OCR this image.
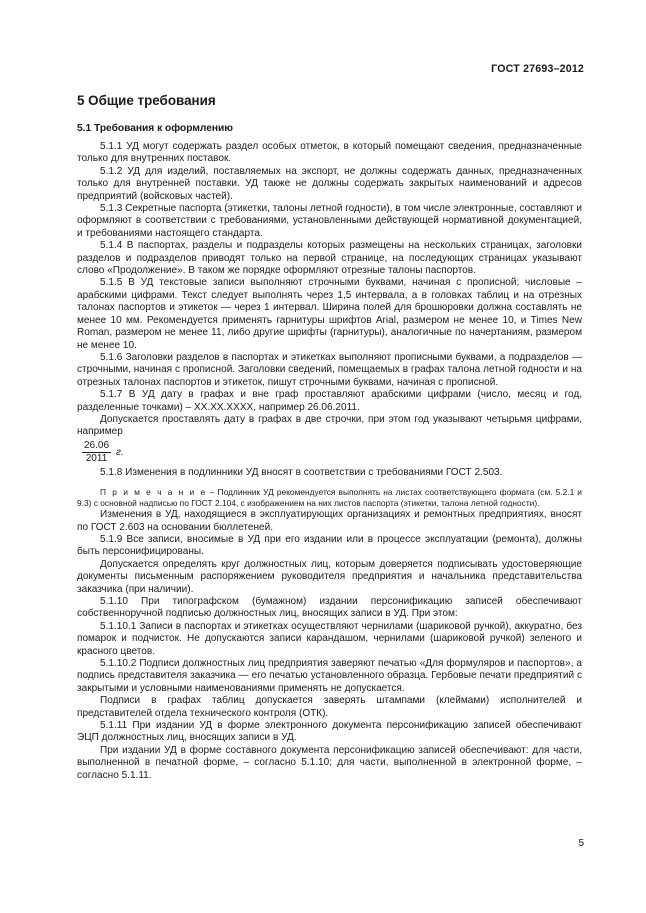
ГОСТ 27693–2012
5 Общие требования
5.1 Требования к оформлению

5.1.1 УД могут содержать раздел особых отметок, в который помещают сведения, предназначенные только для внутренних поставок.

5.1.2 УД для изделий, поставляемых на экспорт, не должны содержать данных, предназначенных только для внутренней поставки. УД также не должны содержать закрытых наименований и адресов предприятий (войсковых частей).

5.1.3 Секретные паспорта (этикетки, талоны летной годности), в том числе электронные, составляют и оформляют в соответствии с требованиями, установленными действующей нормативной документацией, и требованиями настоящего стандарта.

5.1.4 В паспортах, разделы и подразделы которых размещены на нескольких страницах, заголовки разделов и подразделов приводят только на первой странице, на последующих страницах указывают слово «Продолжение». В таком же порядке оформляют отрезные талоны паспортов.

5.1.5 В УД текстовые записи выполняют строчными буквами, начиная с прописной; числовые – арабскими цифрами. Текст следует выполнять через 1,5 интервала, а в головках таблиц и на отрезных талонах паспортов и этикеток — через 1 интервал. Ширина полей для брошюровки должна составлять не менее 10 мм. Рекомендуется применять гарнитуры шрифтов Arial, размером не менее 10, и Times New Roman, размером не менее 11, либо другие шрифты (гарнитуры), аналогичные по начертаниям, размером не менее 10.

5.1.6 Заголовки разделов в паспортах и этикетках выполняют прописными буквами, а подразделов — строчными, начиная с прописной. Заголовки сведений, помещаемых в графах талона летной годности и на отрезных талонах паспортов и этикеток, пишут строчными буквами, начиная с прописной.

5.1.7 В УД дату в графах и вне граф проставляют арабскими цифрами (число, месяц и год, разделенные точками) – XX.XX.XXXX, например 26.06.2011.

Допускается проставлять дату в графах в две строчки, при этом год указывают четырьмя цифрами, например

$\frac{26.06}{2011} г$.

5.1.8 Изменения в подлинники УД вносят в соответствии с требованиями ГОСТ 2.503.

П р и м е ч а н и е – Подлинник УД рекомендуется выполнять на листах соответствующего формата (см. 5.2.1 и 9.3) с основной надписью по ГОСТ 2.104, с изображением на них листов паспорта (этикетки, талона летной годности).

Изменения в УД, находящиеся в эксплуатирующих организациях и ремонтных предприятиях, вносят по ГОСТ 2.603 на основании бюллетеней.

5.1.9 Все записи, вносимые в УД при его издании или в процессе эксплуатации (ремонта), должны быть персонифицированы.

Допускается определять круг должностных лиц, которым доверяется подписывать удостоверяющие документы письменным распоряжением руководителя предприятия и начальника представительства заказчика (при наличии).

5.1.10 При типографском (бумажном) издании персонификацию записей обеспечивают собственноручной подписью должностных лиц, вносящих записи в УД. При этом:

5.1.10.1 Записи в паспортах и этикетках осуществляют чернилами (шариковой ручкой), аккуратно, без помарок и подчисток. Не допускаются записи карандашом, чернилами (шариковой ручкой) зеленого и красного цветов.

5.1.10.2 Подписи должностных лиц предприятия заверяют печатью «Для формуляров и паспортов», а подпись представителя заказчика — его печатью установленного образца. Гербовые печати предприятий с закрытыми и условными наименованиями применять не допускается.

Подписи в графах таблиц допускается заверять штампами (клеймами) исполнителей и представителей отдела технического контроля (ОТК).

5.1.11 При издании УД в форме электронного документа персонификацию записей обеспечивают ЭЦП должностных лиц, вносящих записи в УД.

При издании УД в форме составного документа персонификацию записей обеспечивают: для части, выполненной в печатной форме, – согласно 5.1.10; для части, выполненной в электронной форме, – согласно 5.1.11.

5
